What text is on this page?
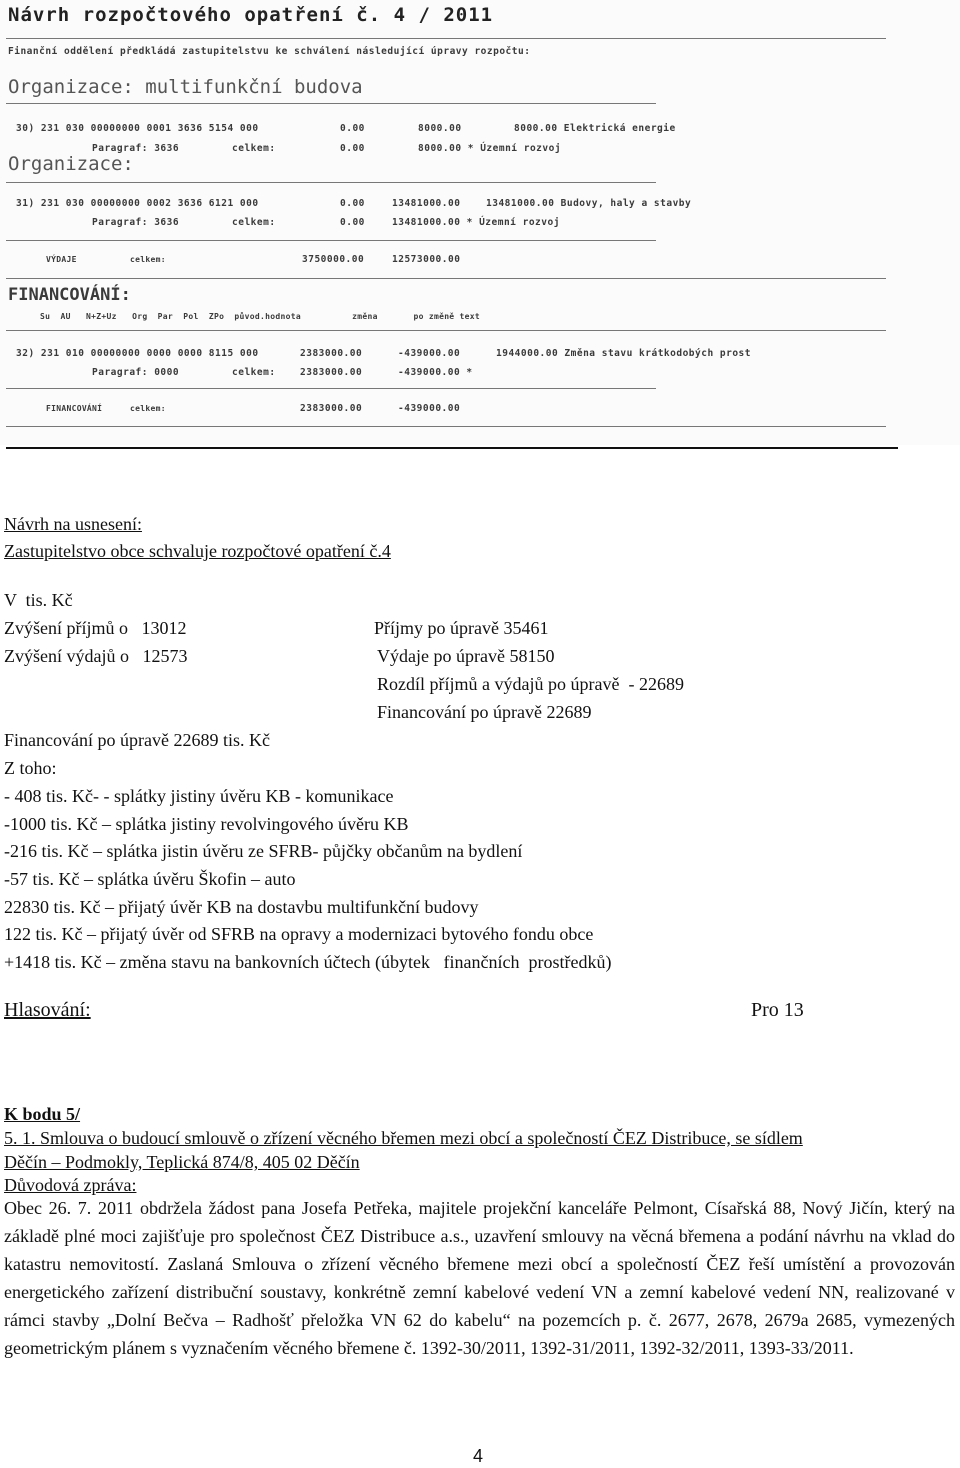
Návrh rozpočtového opatření č. 4 / 2011
Finanční oddělení předkládá zastupitelstvu ke schválení následující úpravy rozpočtu:
Organizace: multifunkční budova
30) 231 030 00000000 0001 3636 5154 000	0.00	8000.00	8000.00 Elektrická energie
Paragraf: 3636	celkem:	0.00	8000.00 * Územní rozvoj
Organizace:
31) 231 030 00000000 0002 3636 6121 000	0.00	13481000.00	13481000.00 Budovy, haly a stavby
Paragraf: 3636	celkem:	0.00	13481000.00 * Územní rozvoj
VÝDAJE	celkem:	3750000.00	12573000.00
FINANCOVÁNÍ:
Su  AU   N+Z+Uz   Org  Par  Pol  ZPo  původ.hodnota          změna       po změně text
32) 231 010 00000000 0000 0000 8115 000	2383000.00	-439000.00	1944000.00 Změna stavu krátkodobých prost
Paragraf: 0000	celkem:	2383000.00	-439000.00 *
FINANCOVÁNÍ	celkem:	2383000.00	-439000.00
Návrh na usnesení:
Zastupitelstvo obce schvaluje rozpočtové opatření č.4
V  tis. Kč
Zvýšení příjmů o   13012	Příjmy po úpravě 35461
Zvýšení výdajů o   12573	Výdaje po úpravě 58150
Rozdíl příjmů a výdajů po úpravě  - 22689
Financování po úpravě 22689
Financování po úpravě 22689 tis. Kč
Z toho:
- 408 tis. Kč- - splátky jistiny úvěru KB - komunikace
-1000 tis. Kč – splátka jistiny revolvingového úvěru KB
-216 tis. Kč – splátka jistin úvěru ze SFRB- půjčky občanům na bydlení
-57 tis. Kč – splátka úvěru Škofin – auto
22830 tis. Kč – přijatý úvěr KB na dostavbu multifunkční budovy
122 tis. Kč – přijatý úvěr od SFRB na opravy a modernizaci bytového fondu obce
+1418 tis. Kč – změna stavu na bankovních účtech (úbytek   finančních  prostředků)
Hlasování:	Pro 13
K bodu 5/
5. 1. Smlouva o budoucí smlouvě o zřízení věcného břemen mezi obcí a společností ČEZ Distribuce, se sídlem
Děčín – Podmokly, Teplická 874/8, 405 02 Děčín
Důvodová zpráva:
Obec 26. 7. 2011 obdržela žádost pana Josefa Petřeka, majitele projekční kanceláře Pelmont, Císařská 88, Nový Jičín, který na základě plné moci zajišťuje pro společnost ČEZ Distribuce a.s., uzavření smlouvy na věcná břemena a podání návrhu na vklad do katastru nemovitostí. Zaslaná Smlouva o zřízení věcného břemene mezi obcí a společností ČEZ řeší umístění a provozován energetického zařízení distribuční soustavy, konkrétně zemní kabelové vedení VN a zemní kabelové vedení NN, realizované v rámci stavby „Dolní Bečva – Radhošť přeložka VN 62 do kabelu“ na pozemcích p. č. 2677, 2678, 2679a 2685, vymezených geometrickým plánem s vyznačením věcného břemene č. 1392-30/2011, 1392-31/2011, 1392-32/2011, 1393-33/2011.
4
